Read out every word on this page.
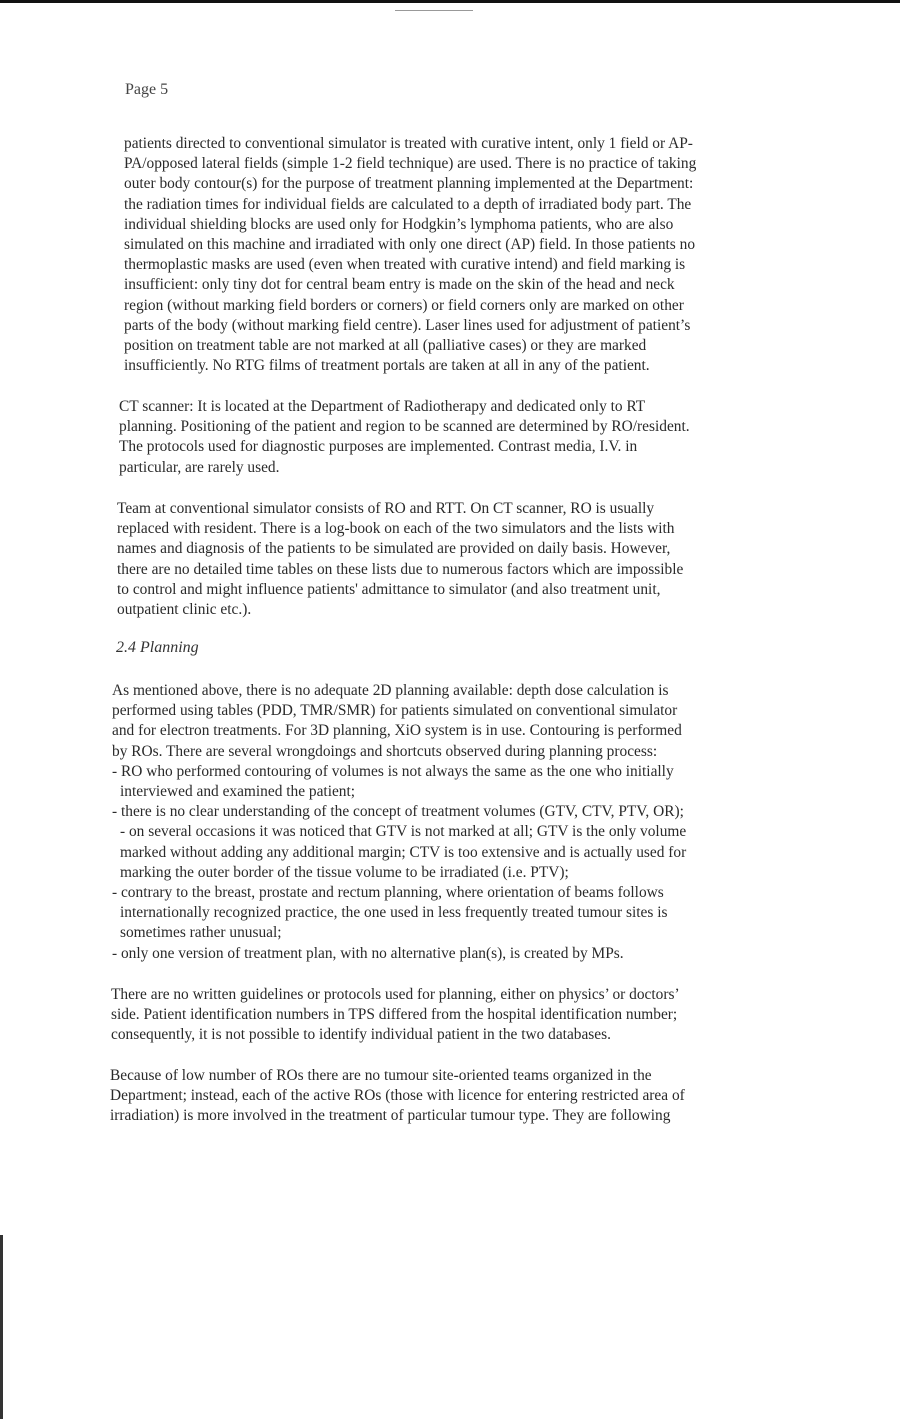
Page 5
patients directed to conventional simulator is treated with curative intent, only 1 field or AP-
PA/opposed lateral fields (simple 1-2 field technique) are used. There is no practice of taking
outer body contour(s) for the purpose of treatment planning implemented at the Department:
the radiation times for individual fields are calculated to a depth of irradiated body part. The
individual shielding blocks are used only for Hodgkin’s lymphoma patients, who are also
simulated on this machine and irradiated with only one direct (AP) field. In those patients no
thermoplastic masks are used (even when treated with curative intend) and field marking is
insufficient: only tiny dot for central beam entry is made on the skin of the head and neck
region (without marking field borders or corners) or field corners only are marked on other
parts of the body (without marking field centre). Laser lines used for adjustment of patient’s
position on treatment table are not marked at all (palliative cases) or they are marked
insufficiently. No RTG films of treatment portals are taken at all in any of the patient.
CT scanner: It is located at the Department of Radiotherapy and dedicated only to RT
planning. Positioning of the patient and region to be scanned are determined by RO/resident.
The protocols used for diagnostic purposes are implemented. Contrast media, I.V. in
particular, are rarely used.
Team at conventional simulator consists of RO and RTT. On CT scanner, RO is usually
replaced with resident. There is a log-book on each of the two simulators and the lists with
names and diagnosis of the patients to be simulated are provided on daily basis. However,
there are no detailed time tables on these lists due to numerous factors which are impossible
to control and might influence patients' admittance to simulator (and also treatment unit,
outpatient clinic etc.).
2.4 Planning
As mentioned above, there is no adequate 2D planning available: depth dose calculation is
performed using tables (PDD, TMR/SMR) for patients simulated on conventional simulator
and for electron treatments. For 3D planning, XiO system is in use. Contouring is performed
by ROs. There are several wrongdoings and shortcuts observed during planning process:
- RO who performed contouring of volumes is not always the same as the one who initially
interviewed and examined the patient;
- there is no clear understanding of the concept of treatment volumes (GTV, CTV, PTV, OR);
- on several occasions it was noticed that GTV is not marked at all; GTV is the only volume
marked without adding any additional margin; CTV is too extensive and is actually used for
marking the outer border of the tissue volume to be irradiated (i.e. PTV);
- contrary to the breast, prostate and rectum planning, where orientation of beams follows
internationally recognized practice, the one used in less frequently treated tumour sites is
sometimes rather unusual;
- only one version of treatment plan, with no alternative plan(s), is created by MPs.
There are no written guidelines or protocols used for planning, either on physics’ or doctors’
side. Patient identification numbers in TPS differed from the hospital identification number;
consequently, it is not possible to identify individual patient in the two databases.
Because of low number of ROs there are no tumour site-oriented teams organized in the
Department; instead, each of the active ROs (those with licence for entering restricted area of
irradiation) is more involved in the treatment of particular tumour type. They are following
